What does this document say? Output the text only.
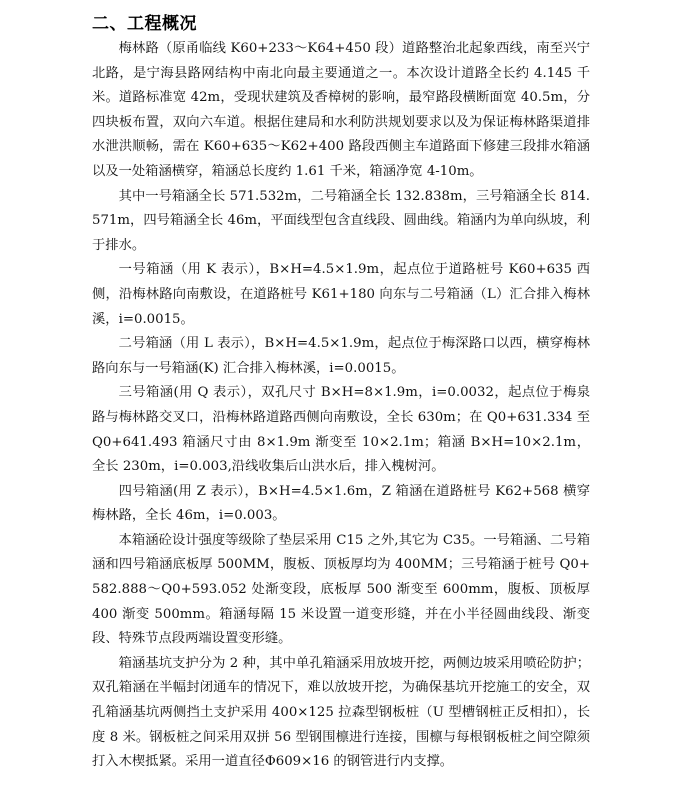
二、工程概况

梅林路（原甬临线 K60+233～K64+450 段）道路整治北起象西线，南至兴宁北路，是宁海县路网结构中南北向最主要通道之一。本次设计道路全长约 4.145 千米。道路标准宽 42m，受现状建筑及香樟树的影响，最窄路段横断面宽 40.5m，分四块板布置，双向六车道。根据住建局和水利防洪规划要求以及为保证梅林路渠道排水泄洪顺畅，需在 K60+635～K62+400 路段西侧主车道路面下修建三段排水箱涵以及一处箱涵横穿，箱涵总长度约 1.61 千米，箱涵净宽 4-10m。

其中一号箱涵全长 571.532m，二号箱涵全长 132.838m，三号箱涵全长 814.571m，四号箱涵全长 46m，平面线型包含直线段、圆曲线。箱涵内为单向纵坡，利于排水。

一号箱涵（用 K 表示），B×H=4.5×1.9m，起点位于道路桩号 K60+635 西侧，沿梅林路向南敷设，在道路桩号 K61+180 向东与二号箱涵（L）汇合排入梅林溪，i=0.0015。

二号箱涵（用 L 表示），B×H=4.5×1.9m，起点位于梅深路口以西，横穿梅林路向东与一号箱涵(K) 汇合排入梅林溪，i=0.0015。

三号箱涵(用 Q 表示），双孔尺寸 B×H=8×1.9m，i=0.0032，起点位于梅泉路与梅林路交叉口，沿梅林路道路西侧向南敷设，全长 630m；在 Q0+631.334 至 Q0+641.493 箱涵尺寸由 8×1.9m 渐变至 10×2.1m；箱涵 B×H=10×2.1m，全长 230m，i=0.003,沿线收集后山洪水后，排入槐树河。

四号箱涵(用 Z 表示），B×H=4.5×1.6m，Z 箱涵在道路桩号 K62+568 横穿梅林路，全长 46m，i=0.003。

本箱涵砼设计强度等级除了垫层采用 C15 之外,其它为 C35。一号箱涵、二号箱涵和四号箱涵底板厚 500MM，腹板、顶板厚均为 400MM；三号箱涵于桩号 Q0+582.888～Q0+593.052 处渐变段，底板厚 500 渐变至 600mm，腹板、顶板厚 400 渐变 500mm。箱涵每隔 15 米设置一道变形缝，并在小半径圆曲线段、渐变段、特殊节点段两端设置变形缝。

箱涵基坑支护分为 2 种，其中单孔箱涵采用放坡开挖，两侧边坡采用喷砼防护；双孔箱涵在半幅封闭通车的情况下，难以放坡开挖，为确保基坑开挖施工的安全，双孔箱涵基坑两侧挡土支护采用 400×125 拉森型钢板桩（U 型槽钢桩正反相扣），长度 8 米。钢板桩之间采用双拼 56 型钢围檩进行连接，围檩与每根钢板桩之间空隙须打入木楔抵紧。采用一道直径Φ609×16 的钢管进行内支撑。
